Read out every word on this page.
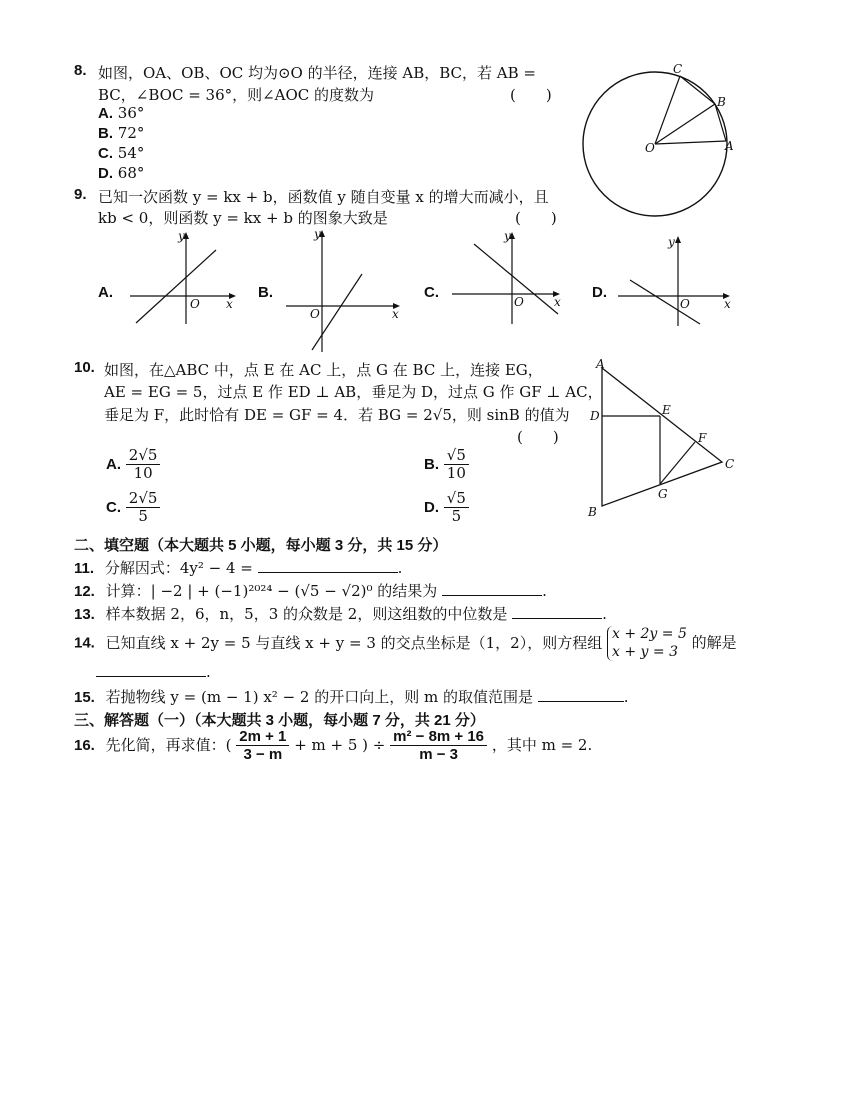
8. 如图，OA、OB、OC 均为⊙O 的半径，连接 AB，BC，若 AB =
BC，∠BOC = 36°，则∠AOC 的度数为	(　　)
A. 36°
B. 72°
C. 54°
D. 68°
C
B
O	A
9. 已知一次函数 y = kx + b，函数值 y 随自变量 x 的增大而减小，且
kb < 0，则函数 y = kx + b 的图象大致是	(　　)
A.
y
O x
B.
y
O	x
C.
y
O	x
D.
y
O	x
10. 如图，在△ABC 中，点 E 在 AC 上，点 G 在 BC 上，连接 EG，
AE = EG = 5，过点 E 作 ED ⊥ AB，垂足为 D，过点 G 作 GF ⊥ AC，
垂足为 F，此时恰有 DE = GF = 4．若 BG = 2√5，则 sinB 的值为
(　　)
A. $\frac{2√5}{10}$	B. $\frac{√5}{10}$
C. $\frac{2√5}{5}$	D. $\frac{√5}{5}$
A
D	E
F
C
G
B
二、填空题（本大题共 5 小题，每小题 3 分，共 15 分）
11. 分解因式：4y² − 4 =	.
12. 计算：| −2 | + (−1)²⁰²⁴ − (√5 − √2)⁰ 的结果为	.
13. 样本数据 2，6，n，5，3 的众数是 2，则这组数的中位数是	.
14. 已知直线 x + 2y = 5 与直线 x + y = 3 的交点坐标是（1，2），则方程组 x + 2y = 5
x + y = 3 的解是
.
15. 若抛物线 y = (m − 1) x² − 2 的开口向上，则 m 的取值范围是	.
三、解答题（一）（本大题共 3 小题，每小题 7 分，共 21 分）
16. 先化简，再求值：( $\frac{2m + 1}{3 - m} + m + 5$ ) ÷ $\frac{\text{m² − 8m + 16}}{m - 3}$ ，其中 m = 2.
